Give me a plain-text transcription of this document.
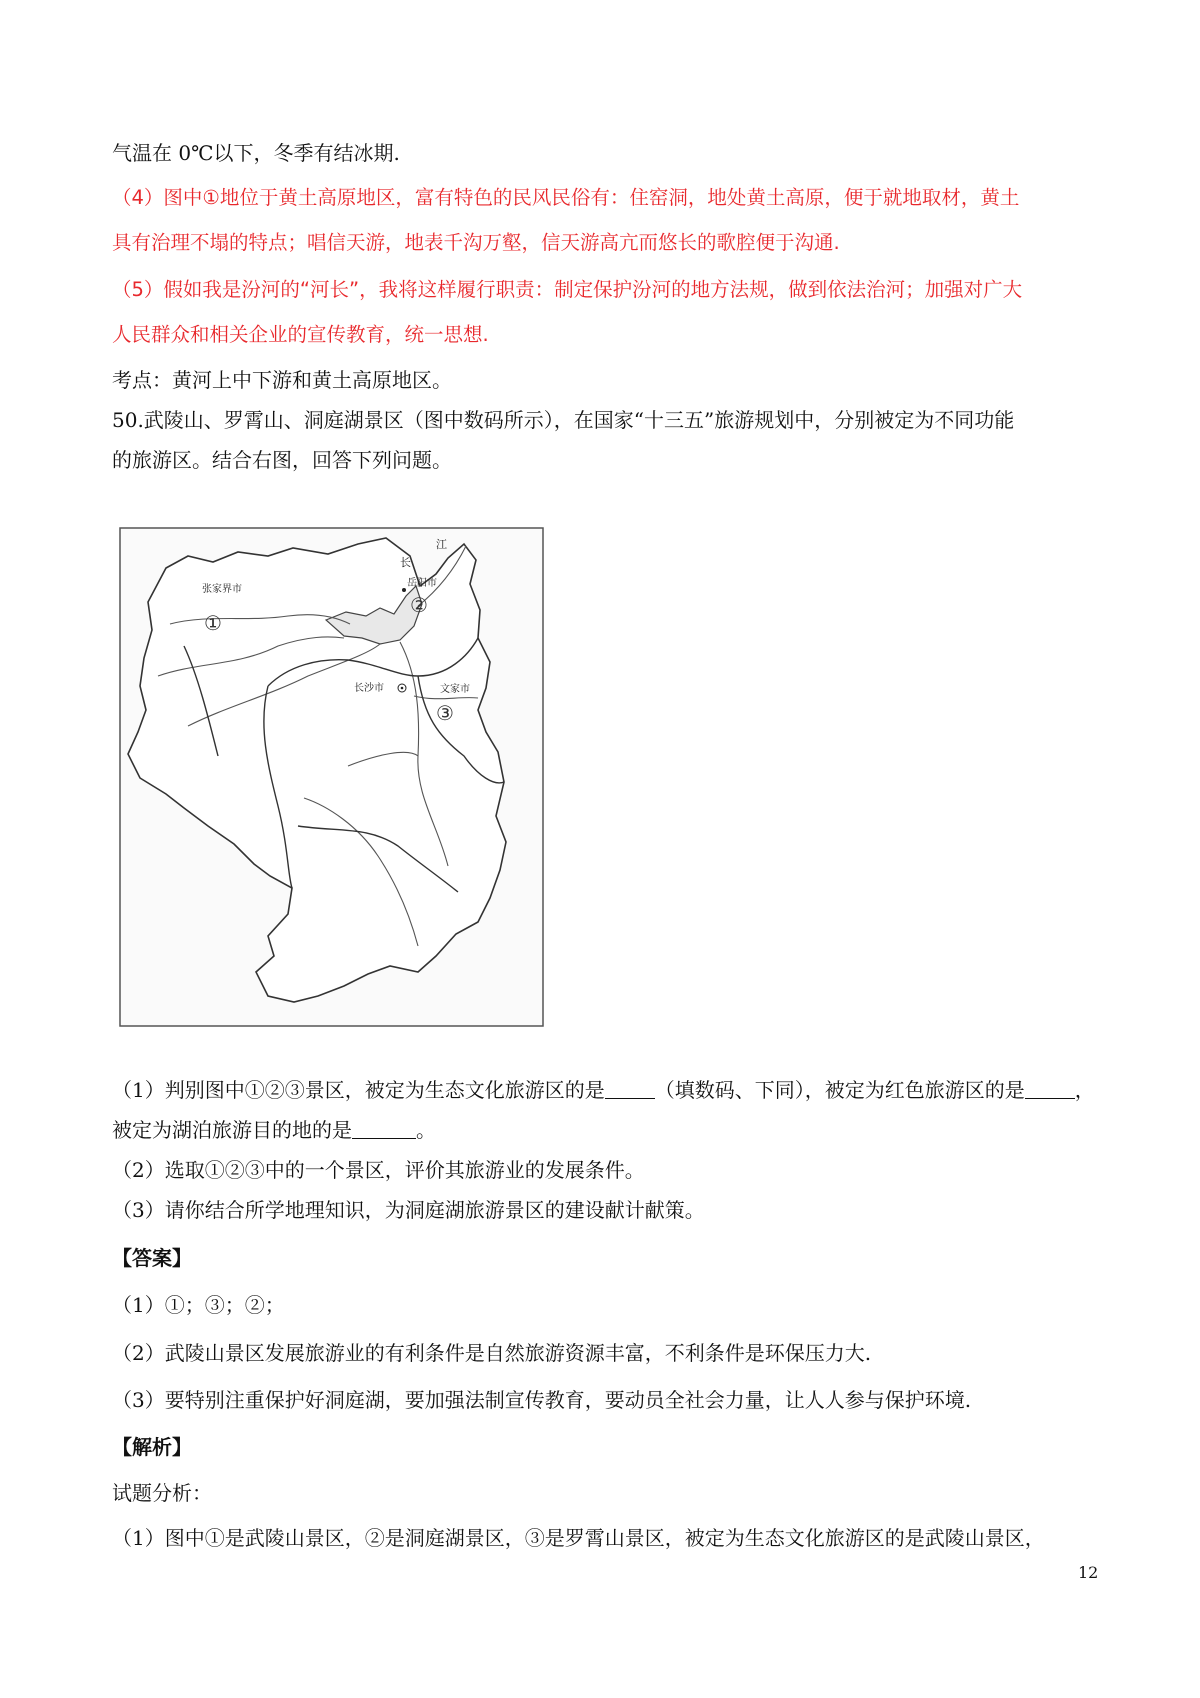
气温在 0℃以下，冬季有结冰期.
（4）图中①地位于黄土高原地区，富有特色的民风民俗有：住窑洞，地处黄土高原，便于就地取材，黄土
具有治理不塌的特点；唱信天游，地表千沟万壑，信天游高亢而悠长的歌腔便于沟通.
（5）假如我是汾河的“河长”，我将这样履行职责：制定保护汾河的地方法规，做到依法治河；加强对广大
人民群众和相关企业的宣传教育，统一思想.
考点：黄河上中下游和黄土高原地区。
50.武陵山、罗霄山、洞庭湖景区（图中数码所示），在国家“十三五”旅游规划中，分别被定为不同功能
的旅游区。结合右图，回答下列问题。
江
长
岳阳市
张家界市
长沙市	文家市
①
②
③
（1）判别图中①②③景区，被定为生态文化旅游区的是	（填数码、下同），被定为红色旅游区的是	，
被定为湖泊旅游目的地的是	。
（2）选取①②③中的一个景区，评价其旅游业的发展条件。
（3）请你结合所学地理知识，为洞庭湖旅游景区的建设献计献策。
【答案】
（1）①；③；②；
（2）武陵山景区发展旅游业的有利条件是自然旅游资源丰富，不利条件是环保压力大.
（3）要特别注重保护好洞庭湖，要加强法制宣传教育，要动员全社会力量，让人人参与保护环境.
【解析】
试题分析：
（1）图中①是武陵山景区，②是洞庭湖景区，③是罗霄山景区，被定为生态文化旅游区的是武陵山景区，
12
